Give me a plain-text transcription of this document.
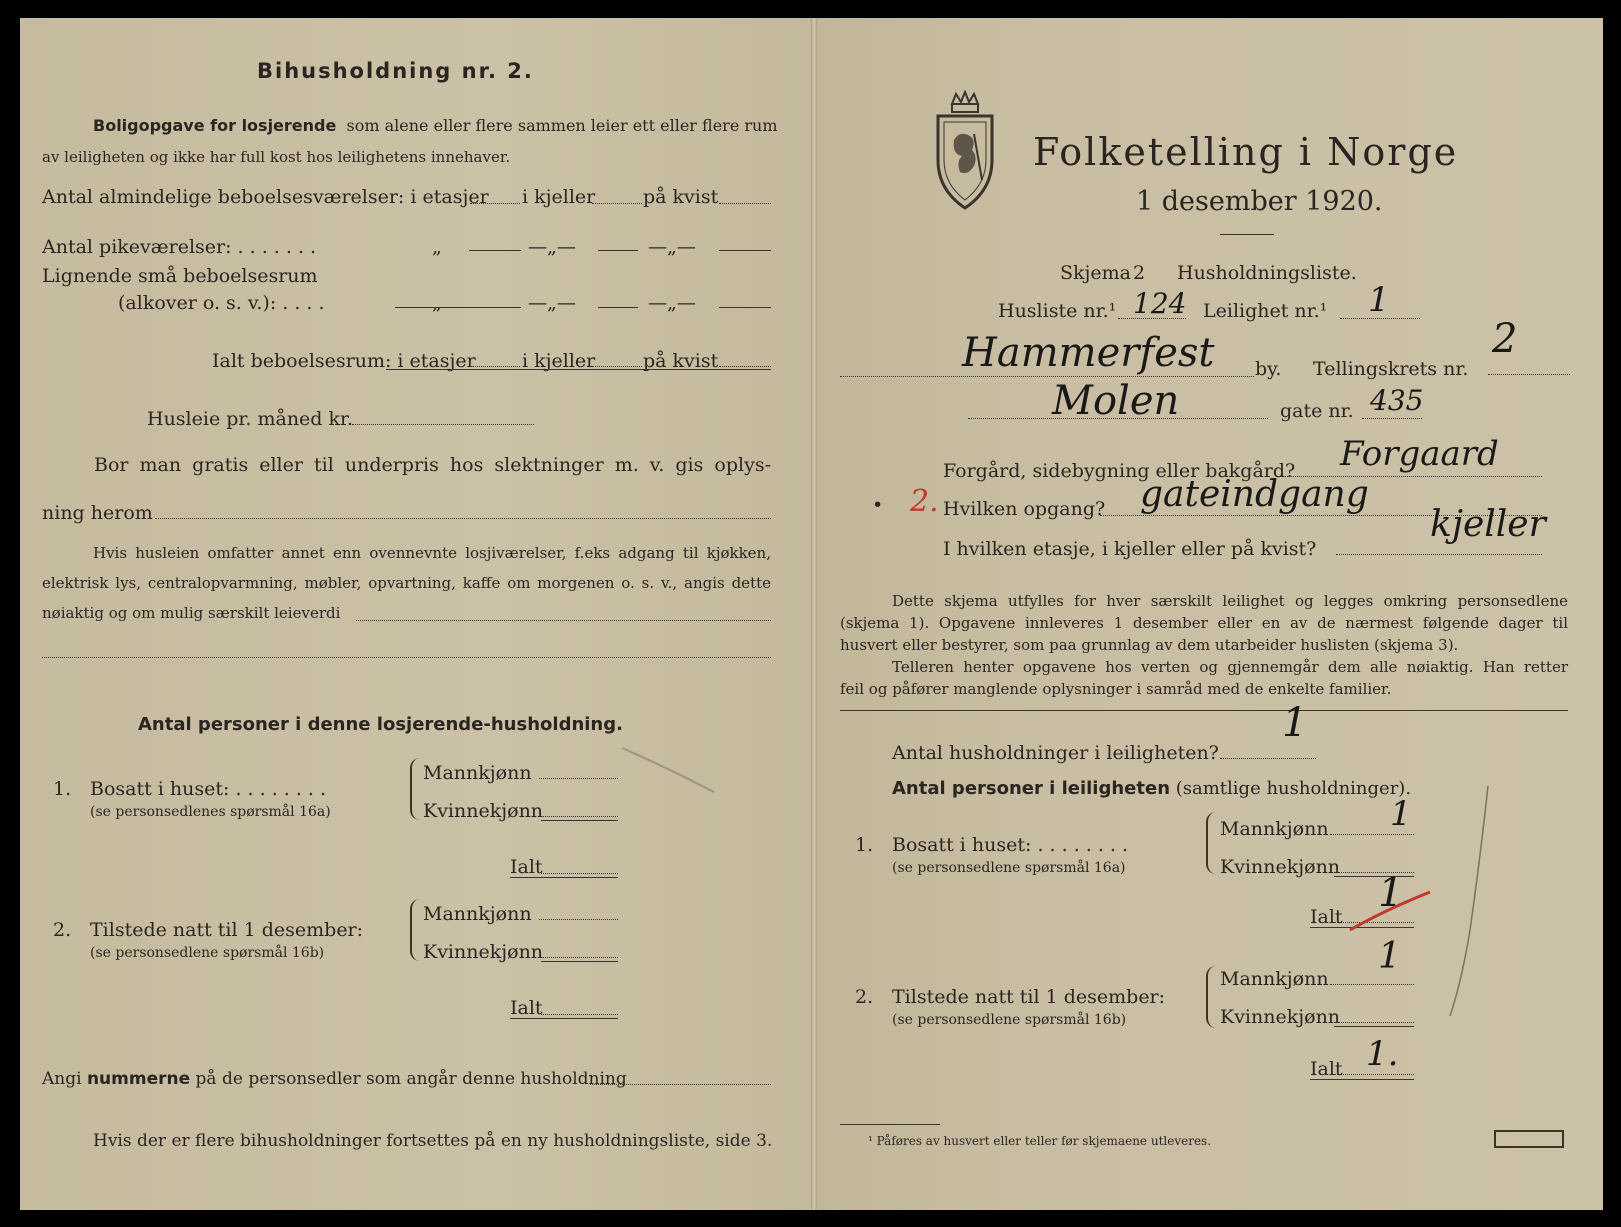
Bihusholdning nr. 2.
Boligopgave for losjerende som alene eller flere sammen leier ett eller flere rum
av leiligheten og ikke har full kost hos leilighetens innehaver.
Antal almindelige beboelsesværelser: i etasjer i kjeller	på kvist
Antal pikeværelser: . . . . . . .	„	—„—	—„—
Lignende små beboelsesrum
(alkover o. s. v.): . . . .	„	—„—	—„—
Ialt beboelsesrum: i etasjer i kjeller	på kvist
Husleie pr. måned kr.
Bor man gratis eller til underpris hos slektninger m. v. gis oplys-
ning herom
Hvis husleien omfatter annet enn ovennevnte losjiværelser, f.eks adgang til kjøkken,
elektrisk lys, centralopvarmning, møbler, opvartning, kaffe om morgenen o. s. v., angis dette
nøiaktig og om mulig særskilt leieverdi
Antal personer i denne losjerende-husholdning.
1. Bosatt i huset: . . . . . . . .
(se personsedlenes spørsmål 16a)
Mannkjønn
Kvinnekjønn
Ialt
2. Tilstede natt til 1 desember:
(se personsedlene spørsmål 16b)
Mannkjønn
Kvinnekjønn
Ialt
Angi nummerne på de personsedler som angår denne husholdning
Hvis der er flere bihusholdninger fortsettes på en ny husholdningsliste, side 3.
Folketelling i Norge
1 desember 1920.
Skjema 2 Husholdningsliste.
Husliste nr.¹ 124 Leilighet nr.¹ 1
Hammerfest by. Tellingskrets nr.
2
Molen	gate nr. 435
Forgård, sidebygning eller bakgård? Forgaard
• 2. Hvilken opgang? gateindgang
I hvilken etasje, i kjeller eller på kvist?
kjeller
Dette skjema utfylles for hver særskilt leilighet og legges omkring personsedlene
(skjema 1). Opgavene innleveres 1 desember eller en av de nærmest følgende dager til
husvert eller bestyrer, som paa grunnlag av dem utarbeider huslisten (skjema 3).
Telleren henter opgavene hos verten og gjennemgår dem alle nøiaktig. Han retter
feil og påfører manglende oplysninger i samråd med de enkelte familier.
Antal husholdninger i leiligheten?
1
Antal personer i leiligheten (samtlige husholdninger).
1. Bosatt i huset: . . . . . . . .
(se personsedlene spørsmål 16a)
Mannkjønn 1
Kvinnekjønn
Ialt
1
2. Tilstede natt til 1 desember:
(se personsedlene spørsmål 16b)
Mannkjønn
1
Kvinnekjønn
Ialt 1.
¹ Påføres av husvert eller teller før skjemaene utleveres.
